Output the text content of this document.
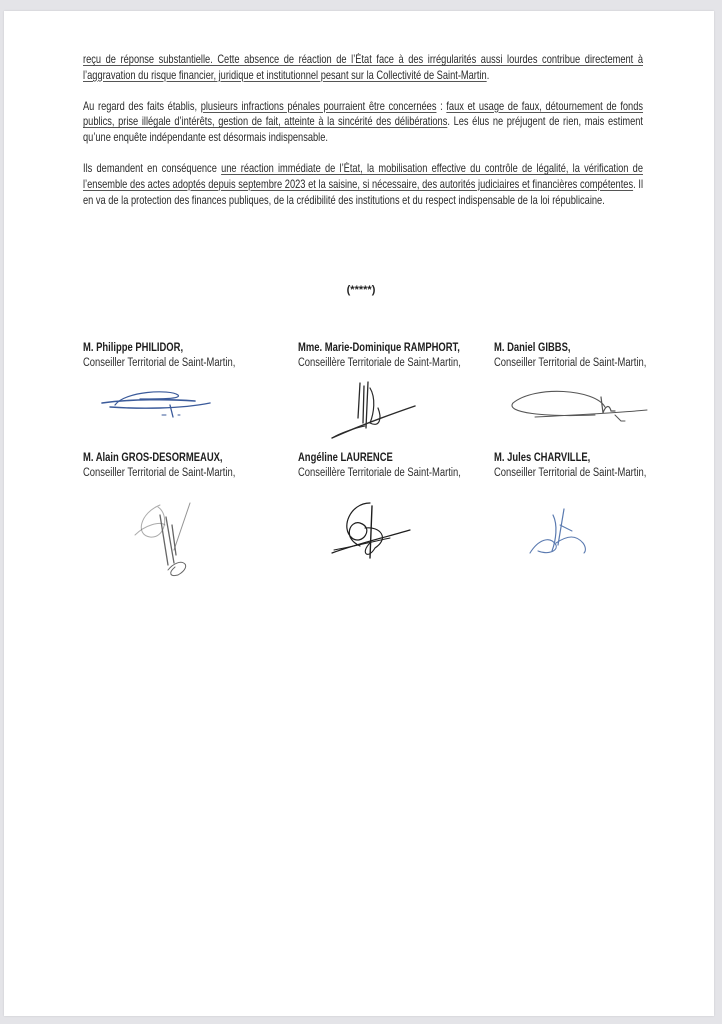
reçu de réponse substantielle. Cette absence de réaction de l’État face à des irrégularités aussi lourdes contribue directement à l’aggravation du risque financier, juridique et institutionnel pesant sur la Collectivité de Saint-Martin.

Au regard des faits établis, plusieurs infractions pénales pourraient être concernées : faux et usage de faux, détournement de fonds publics, prise illégale d’intérêts, gestion de fait, atteinte à la sincérité des délibérations. Les élus ne préjugent de rien, mais estiment qu’une enquête indépendante est désormais indispensable.

Ils demandent en conséquence une réaction immédiate de l’État, la mobilisation effective du contrôle de légalité, la vérification de l’ensemble des actes adoptés depuis septembre 2023 et la saisine, si nécessaire, des autorités judiciaires et financières compétentes. Il en va de la protection des finances publiques, de la crédibilité des institutions et du respect indispensable de la loi républicaine.

(*****)
M. Philippe PHILIDOR,
Conseiller Territorial de Saint-Martin,
Mme. Marie-Dominique RAMPHORT,
Conseillère Territoriale de Saint-Martin,
M. Daniel GIBBS,
Conseiller Territorial de Saint-Martin,
M. Alain GROS-DESORMEAUX,
Conseiller Territorial de Saint-Martin,
Angéline LAURENCE
Conseillère Territoriale de Saint-Martin,
M. Jules CHARVILLE,
Conseiller Territorial de Saint-Martin,
